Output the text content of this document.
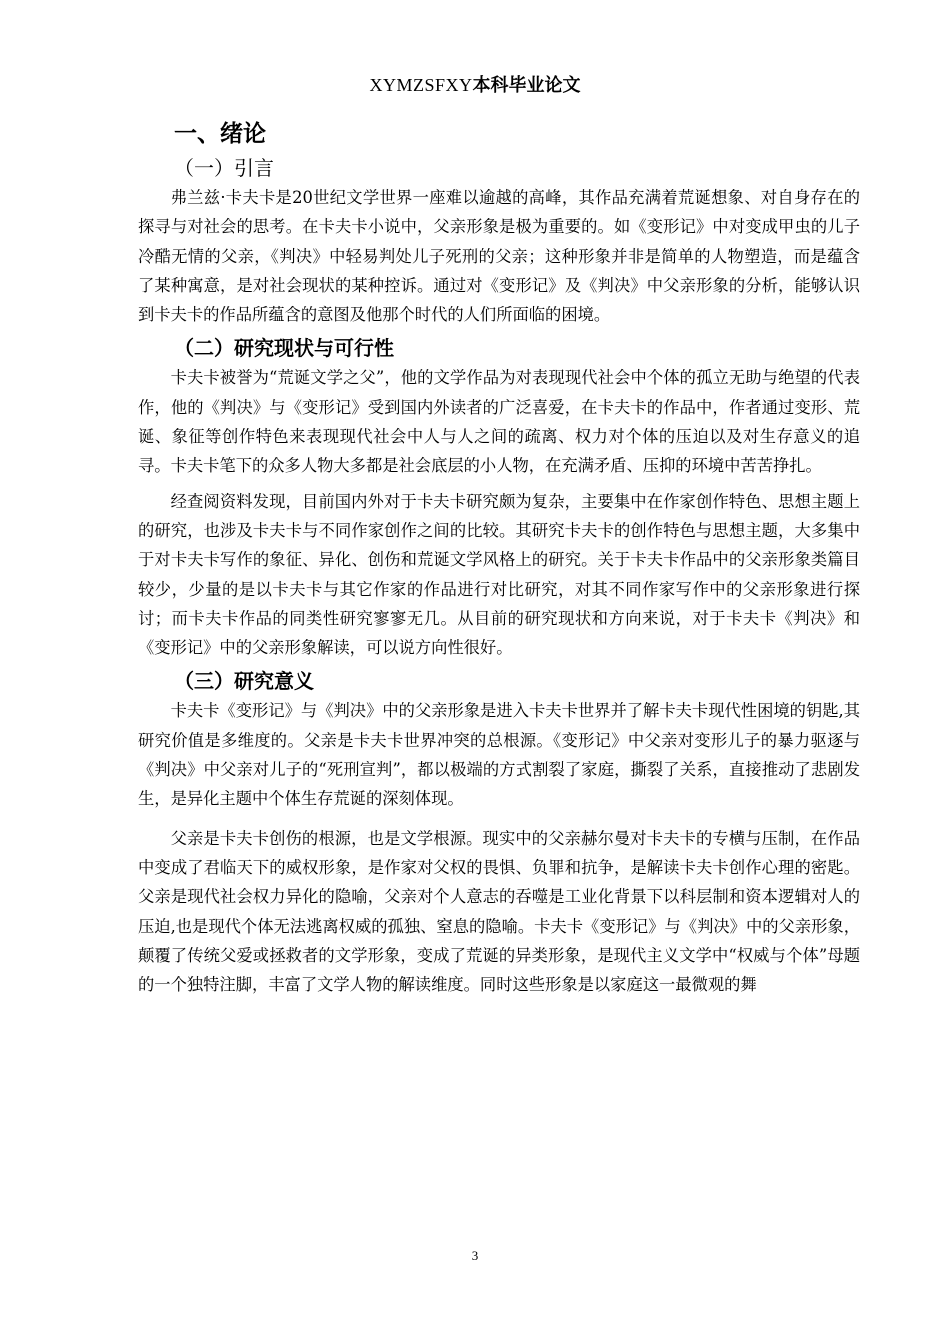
XYMZSFXY本科毕业论文
一、绪论
（一）引言

弗兰兹·卡夫卡是20世纪文学世界一座难以逾越的高峰，其作品充满着荒诞想象、对自身存在的探寻与对社会的思考。在卡夫卡小说中，父亲形象是极为重要的。如《变形记》中对变成甲虫的儿子冷酷无情的父亲，《判决》中轻易判处儿子死刑的父亲；这种形象并非是简单的人物塑造，而是蕴含了某种寓意，是对社会现状的某种控诉。通过对《变形记》及《判决》中父亲形象的分析，能够认识到卡夫卡的作品所蕴含的意图及他那个时代的人们所面临的困境。

（二）研究现状与可行性

卡夫卡被誉为“荒诞文学之父”，他的文学作品为对表现现代社会中个体的孤立无助与绝望的代表作，他的《判决》与《变形记》受到国内外读者的广泛喜爱，在卡夫卡的作品中，作者通过变形、荒诞、象征等创作特色来表现现代社会中人与人之间的疏离、权力对个体的压迫以及对生存意义的追寻。卡夫卡笔下的众多人物大多都是社会底层的小人物，在充满矛盾、压抑的环境中苦苦挣扎。

经查阅资料发现，目前国内外对于卡夫卡研究颇为复杂，主要集中在作家创作特色、思想主题上的研究，也涉及卡夫卡与不同作家创作之间的比较。其研究卡夫卡的创作特色与思想主题，大多集中于对卡夫卡写作的象征、异化、创伤和荒诞文学风格上的研究。关于卡夫卡作品中的父亲形象类篇目较少，少量的是以卡夫卡与其它作家的作品进行对比研究，对其不同作家写作中的父亲形象进行探讨；而卡夫卡作品的同类性研究寥寥无几。从目前的研究现状和方向来说，对于卡夫卡《判决》和《变形记》中的父亲形象解读，可以说方向性很好。

（三）研究意义

卡夫卡《变形记》与《判决》中的父亲形象是进入卡夫卡世界并了解卡夫卡现代性困境的钥匙,其研究价值是多维度的。父亲是卡夫卡世界冲突的总根源。《变形记》中父亲对变形儿子的暴力驱逐与《判决》中父亲对儿子的“死刑宣判”，都以极端的方式割裂了家庭，撕裂了关系，直接推动了悲剧发生，是异化主题中个体生存荒诞的深刻体现。

父亲是卡夫卡创伤的根源，也是文学根源。现实中的父亲赫尔曼对卡夫卡的专横与压制，在作品中变成了君临天下的威权形象，是作家对父权的畏惧、负罪和抗争，是解读卡夫卡创作心理的密匙。父亲是现代社会权力异化的隐喻，父亲对个人意志的吞噬是工业化背景下以科层制和资本逻辑对人的压迫,也是现代个体无法逃离权威的孤独、窒息的隐喻。卡夫卡《变形记》与《判决》中的父亲形象，颠覆了传统父爱或拯救者的文学形象，变成了荒诞的异类形象，是现代主义文学中“权威与个体”母题的一个独特注脚，丰富了文学人物的解读维度。同时这些形象是以家庭这一最微观的舞

3
